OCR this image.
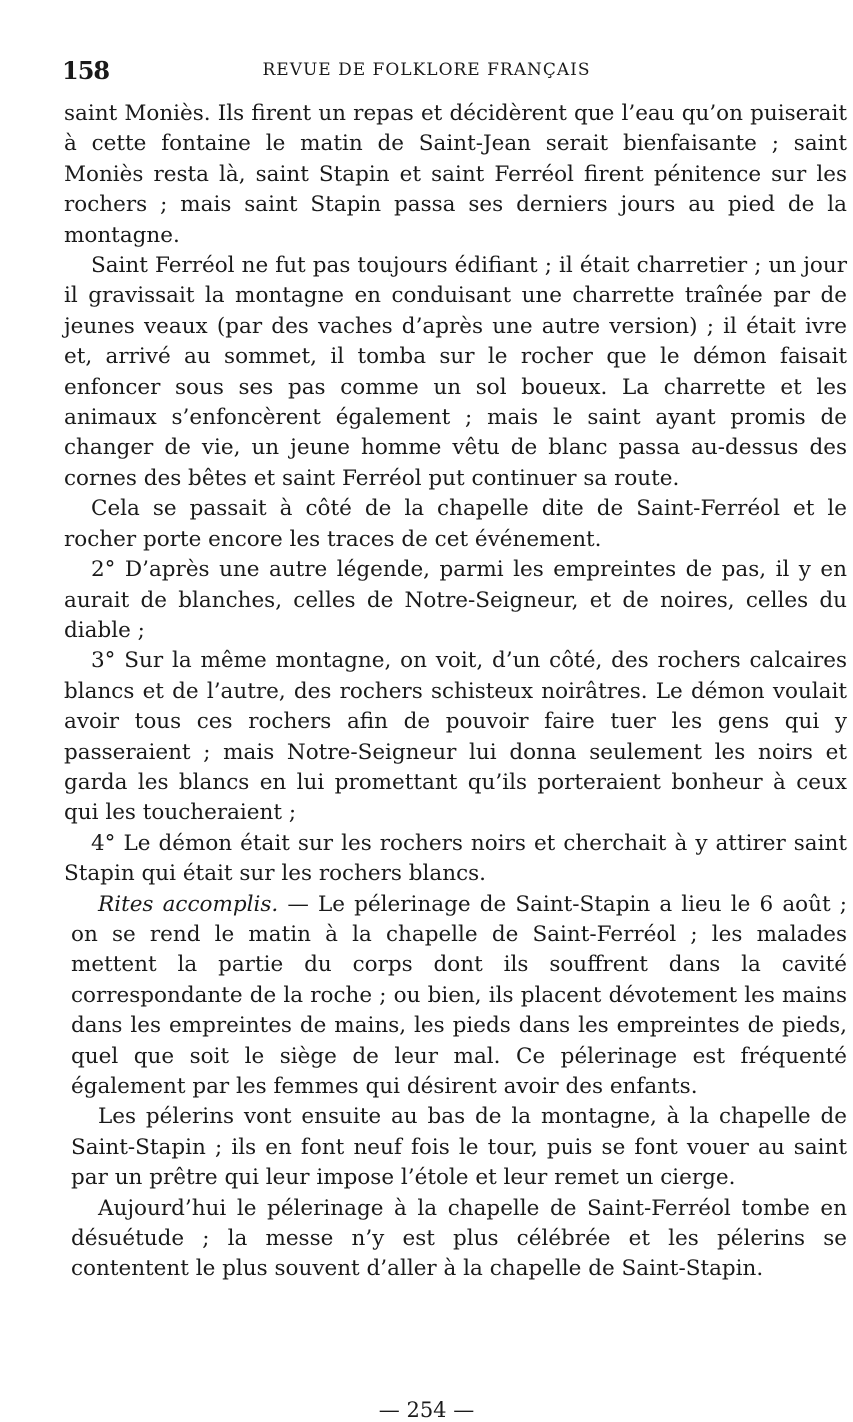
158	REVUE DE FOLKLORE FRANÇAIS

saint Moniès. Ils firent un repas et décidèrent que l’eau qu’on puiserait à cette fontaine le matin de Saint-Jean serait bienfaisante ; saint Moniès resta là, saint Stapin et saint Ferréol firent pénitence sur les rochers ; mais saint Stapin passa ses derniers jours au pied de la montagne.

Saint Ferréol ne fut pas toujours édifiant ; il était charretier ; un jour il gravissait la montagne en conduisant une charrette traînée par de jeunes veaux (par des vaches d’après une autre version) ; il était ivre et, arrivé au sommet, il tomba sur le rocher que le démon faisait enfoncer sous ses pas comme un sol boueux. La charrette et les animaux s’enfoncèrent également ; mais le saint ayant promis de changer de vie, un jeune homme vêtu de blanc passa au-dessus des cornes des bêtes et saint Ferréol put continuer sa route.

Cela se passait à côté de la chapelle dite de Saint-Ferréol et le rocher porte encore les traces de cet événement.

2° D’après une autre légende, parmi les empreintes de pas, il y en aurait de blanches, celles de Notre-Seigneur, et de noires, celles du diable ;

3° Sur la même montagne, on voit, d’un côté, des rochers calcaires blancs et de l’autre, des rochers schisteux noirâtres. Le démon voulait avoir tous ces rochers afin de pouvoir faire tuer les gens qui y passeraient ; mais Notre-Seigneur lui donna seulement les noirs et garda les blancs en lui promettant qu’ils porteraient bonheur à ceux qui les toucheraient ;

4° Le démon était sur les rochers noirs et cherchait à y attirer saint Stapin qui était sur les rochers blancs.

Rites accomplis. — Le pélerinage de Saint-Stapin a lieu le 6 août ; on se rend le matin à la chapelle de Saint-Ferréol ; les malades mettent la partie du corps dont ils souffrent dans la cavité correspondante de la roche ; ou bien, ils placent dévotement les mains dans les empreintes de mains, les pieds dans les empreintes de pieds, quel que soit le siège de leur mal. Ce pélerinage est fréquenté également par les femmes qui désirent avoir des enfants.

Les pélerins vont ensuite au bas de la montagne, à la chapelle de Saint-Stapin ; ils en font neuf fois le tour, puis se font vouer au saint par un prêtre qui leur impose l’étole et leur remet un cierge.

Aujourd’hui le pélerinage à la chapelle de Saint-Ferréol tombe en désuétude ; la messe n’y est plus célébrée et les pélerins se contentent le plus souvent d’aller à la chapelle de Saint-Stapin.

— 254 —
